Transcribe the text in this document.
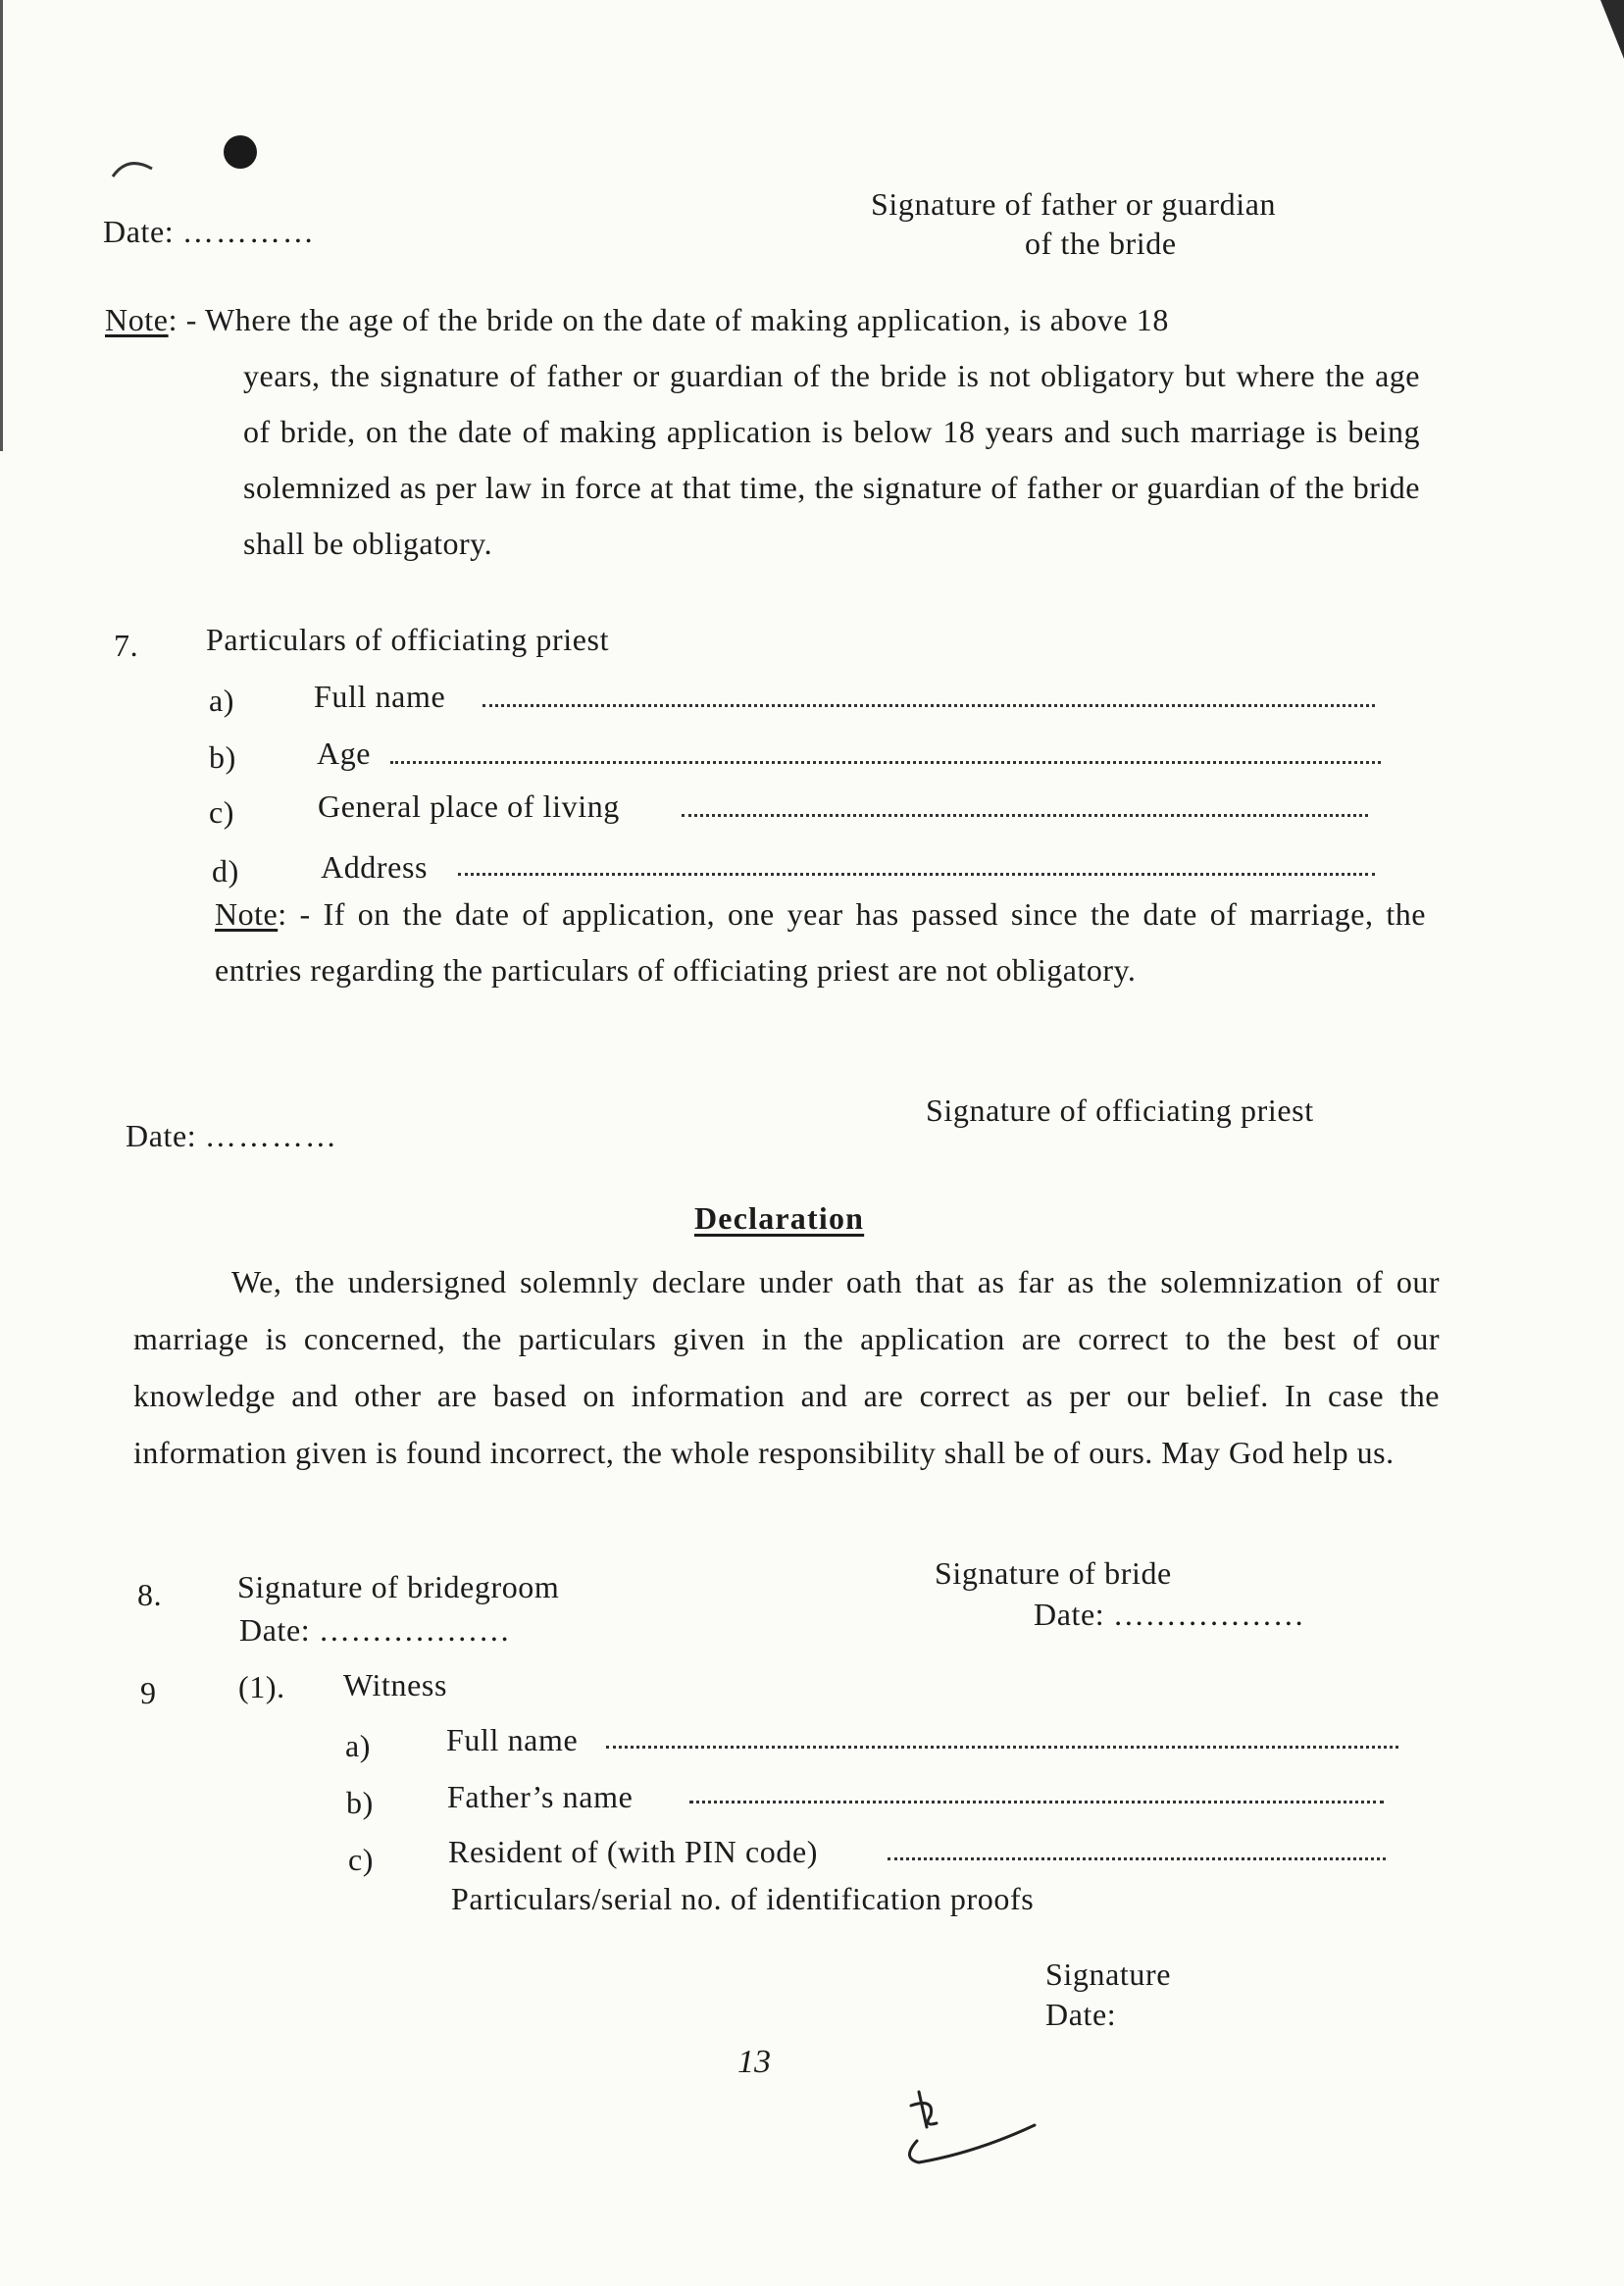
Date: …………
Signature of father or guardian
of the bride
Note: - Where the age of the bride on the date of making application, is above 18
years, the signature of father or guardian of the bride is not obligatory but where the age of bride, on the date of making application is below 18 years and such marriage is being solemnized as per law in force at that time, the signature of father or guardian of the bride shall be obligatory.
7. Particulars of officiating priest
a)	Full name
b)	Age
c)	General place of living
d)	Address
Note: - If on the date of application, one year has passed since the date of marriage, the entries regarding the particulars of officiating priest are not obligatory.
Date: …………
Signature of officiating priest
Declaration
We, the undersigned solemnly declare under oath that as far as the solemnization of our marriage is concerned, the particulars given in the application are correct to the best of our knowledge and other are based on information and are correct as per our belief. In case the information given is found incorrect, the whole responsibility shall be of ours. May God help us.
8. Signature of bridegroom
Date: ………………
Signature of bride
Date: ………………
9	(1). Witness
a) Full name
b) Father’s name
c) Resident of (with PIN code)
Particulars/serial no. of identification proofs
Signature
Date:
13
